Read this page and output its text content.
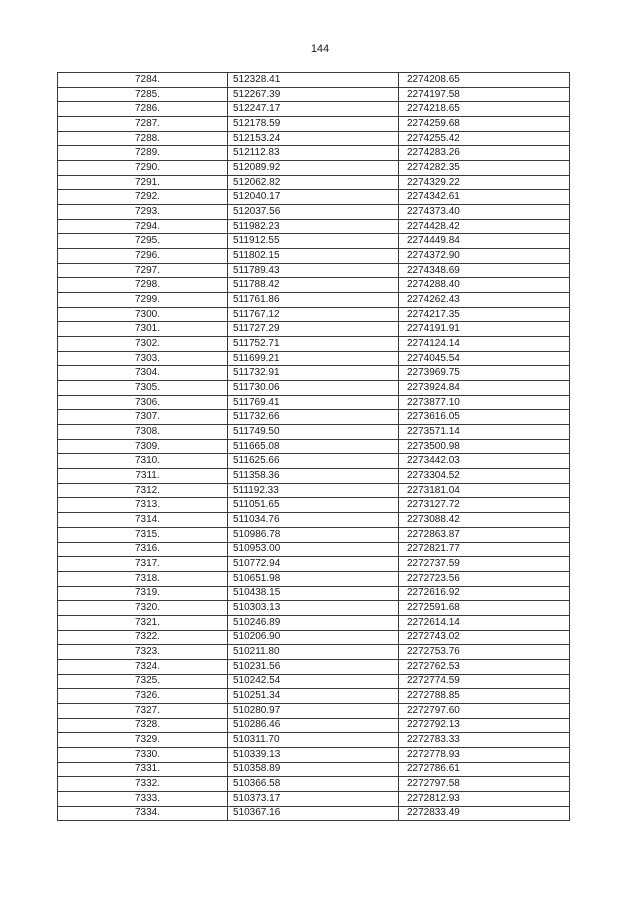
144
7284.	512328.41	2274208.65
7285.	512267.39	2274197.58
7286.	512247.17	2274218.65
7287.	512178.59	2274259.68
7288.	512153.24	2274255.42
7289.	512112.83	2274283.26
7290.	512089.92	2274282.35
7291.	512062.82	2274329.22
7292.	512040.17	2274342.61
7293.	512037.56	2274373.40
7294.	511982.23	2274428.42
7295.	511912.55	2274449.84
7296.	511802.15	2274372.90
7297.	511789.43	2274348.69
7298.	511788.42	2274288.40
7299.	511761.86	2274262.43
7300.	511767.12	2274217.35
7301.	511727.29	2274191.91
7302.	511752.71	2274124.14
7303.	511699.21	2274045.54
7304.	511732.91	2273969.75
7305.	511730.06	2273924.84
7306.	511769.41	2273877.10
7307.	511732.66	2273616.05
7308.	511749.50	2273571.14
7309.	511665.08	2273500.98
7310.	511625.66	2273442.03
7311.	511358.36	2273304.52
7312.	511192.33	2273181.04
7313.	511051.65	2273127.72
7314.	511034.76	2273088.42
7315.	510986.78	2272863.87
7316.	510953.00	2272821.77
7317.	510772.94	2272737.59
7318.	510651.98	2272723.56
7319.	510438.15	2272616.92
7320.	510303.13	2272591.68
7321.	510246.89	2272614.14
7322.	510206.90	2272743.02
7323.	510211.80	2272753.76
7324.	510231.56	2272762.53
7325.	510242.54	2272774.59
7326.	510251.34	2272788.85
7327.	510280.97	2272797.60
7328.	510286.46	2272792.13
7329.	510311.70	2272783.33
7330.	510339.13	2272778.93
7331.	510358.89	2272786.61
7332.	510366.58	2272797.58
7333.	510373.17	2272812.93
7334.	510367.16	2272833.49
